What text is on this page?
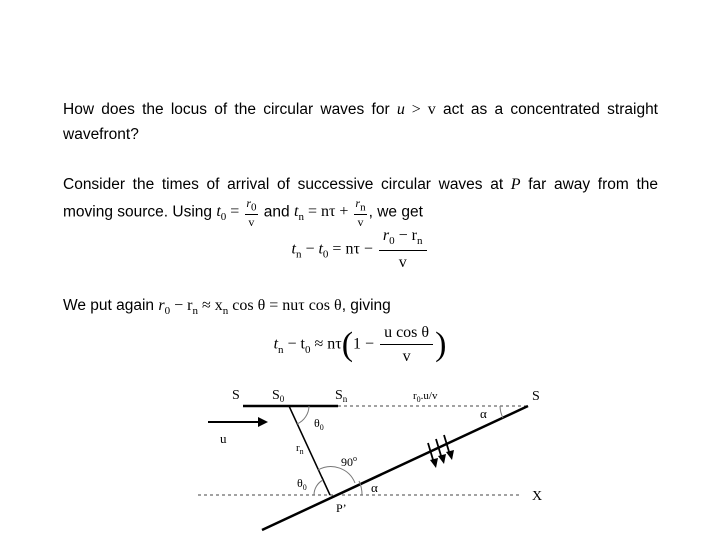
How does the locus of the circular waves for u > v act as a concentrated straight wavefront?
Consider the times of arrival of successive circular waves at P far away from the moving source. Using $t_0 = \frac{r_0}{v}$ and $t_n = n\tau + \frac{r_n}{v}$ , we get
$t_n - t_0 = n\tau - \frac{r_0 - r_n}{v}$
We put again $r_0 - r_n \approx x_n$ cos θ = nuτ cos θ, giving
$t_n - t_0 \approx n\tau(1 - \frac{\text{u cos θ}}{v}$ )
S $S_0$	$S_n$	$r_0.u/v$	S
u
$\theta_0$
$r_n$
90$^o$
$\theta_0$
α
α
P’
X
